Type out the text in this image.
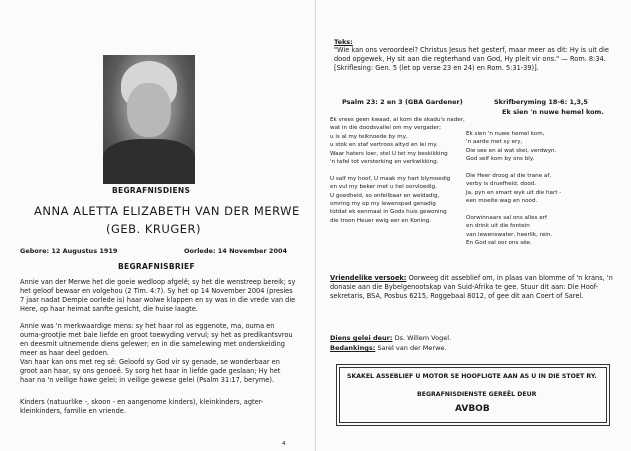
BEGRAFNISDIENS
ANNA ALETTA ELIZABETH VAN DER MERWE
(GEB. KRUGER)
Gebore: 12 Augustus 1919	Oorlede: 14 November 2004
BEGRAFNISBRIEF
Annie van der Merwe het die goeie wedloop afgelê; sy het die wenstreep bereik; sy het geloof bewaar en volgehou (2 Tim. 4:7). Sy het op 14 November 2004 (presies 7 jaar nadat Dempie oorlede is) haar wolwe klappen en sy was in die vrede van die Here, op haar heimat sanfte gesicht, die huise laagte.
Annie was 'n merkwaardige mens: sy het haar rol as eggenote, ma, ouma en ouma-grootjie met baie liefde en groot toewyding vervul; sy het as predikantsvrou en deesmit uitnemende diens gelewer; en in die samelewing met onderskeiding meer as haar deel gedoen.
Van haar kan ons met reg sê: Geloofd sy God vir sy genade, se wonderbaar en groot aan haar, sy ons genoeë. Sy sorg het haar in liefde gade geslaan; Hy het haar na 'n veilige hawe gelei; in veilige gewese gelei (Psalm 31:17, beryme).
Kinders (natuurlike -, skoon - en aangenome kinders), kleinkinders, agter-kleinkinders, familie en vriende.
Teks:
"Wie kan ons veroordeel? Christus Jesus het gesterf, maar meer as dit: Hy is uit die dood opgewek, Hy sit aan die regterhand van God, Hy pleit vir ons." — Rom. 8:34. [Skriflesing: Gen. 5 (let op verse 23 en 24) en Rom. 5:31-39)].
Psalm 23: 2 en 3 (GBA Gardener)
Ek vrees geen kwaad, al kom die skadu's nader,
wat in die doodsvallei om my vergader;
u is al my teiknoede by my,
u stok en staf vertroos altyd en lei my.
Waar haters loer, stel U tet my beskikking
'n tafel tot versterking en verkwikking.
U salf my hoof, U maak my hart blymoedig
en vul my beker met u hel oorvloedig.
U goedheid, so onfeilbaar en weldadig,
omring my op my lewenspad genadig
totdat ek eenmaal in Gods huis gewoning
die troon Heuer ewig eer en Koning.
Skrifberyming 18-6: 1,3,5
Ek sien 'n nuwe hemel kom.
Ek sien 'n nuwe hemel kom,
'n aarde met sy ery,
Die see en al wat skei, verdwyn.
God self kom by ons bly.
Die Heer droog al die trane af,
verby is druefheid, dood.
Ja, pyn en smart wyk uit die hart -
een moeite wag en nood.
Oorwinnaars sal ons alles erf
en drink uit die fontein
van lewenswater, heerlik, rein.
En God sal oor ons sêe.
Vriendelike versoek: Oorweeg dit asseblief om, in plaas van blomme of 'n krans, 'n donasie aan die Bybelgenootskap van Suid-Afrika te gee. Stuur dit aan: Die Hoof-sekretaris, BSA, Posbus 6215, Roggebaai 8012, of gee dit aan Coert of Sarel.
Diens gelei deur: Ds. Willem Vogel.
Bedankings: Sarel van der Merwe.
SKAKEL ASSEBLIEF U MOTOR SE HOOFLIGTE AAN AS U IN DIE STOET RY.
BEGRAFNISDIENSTE GEREËL DEUR
AVBOB
4
